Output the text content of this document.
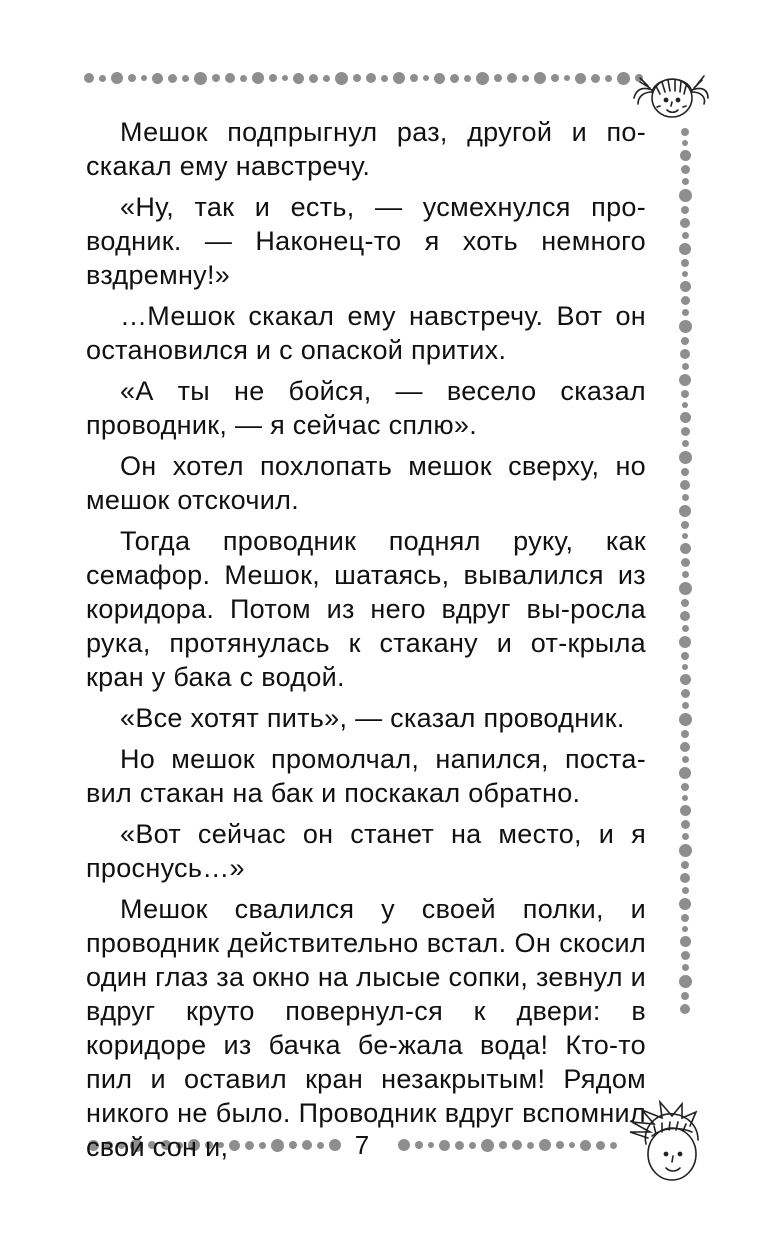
Мешок подпрыгнул раз, другой и по-скакал ему навстречу.

«Ну, так и есть, — усмехнулся про-водник. — Наконец-то я хоть немного вздремну!»

…Мешок скакал ему навстречу. Вот он остановился и с опаской притих.

«А ты не бойся, — весело сказал проводник, — я сейчас сплю».

Он хотел похлопать мешок сверху, но мешок отскочил.

Тогда проводник поднял руку, как семафор. Мешок, шатаясь, вывалился из коридора. Потом из него вдруг вы-росла рука, протянулась к стакану и от-крыла кран у бака с водой.

«Все хотят пить», — сказал проводник.

Но мешок промолчал, напился, поста-вил стакан на бак и поскакал обратно.

«Вот сейчас он станет на место, и я проснусь…»

Мешок свалился у своей полки, и проводник действительно встал. Он скосил один глаз за окно на лысые сопки, зевнул и вдруг круто повернул-ся к двери: в коридоре из бачка бе-жала вода! Кто-то пил и оставил кран незакрытым! Рядом никого не было. Проводник вдруг вспомнил свой сон и,	7
